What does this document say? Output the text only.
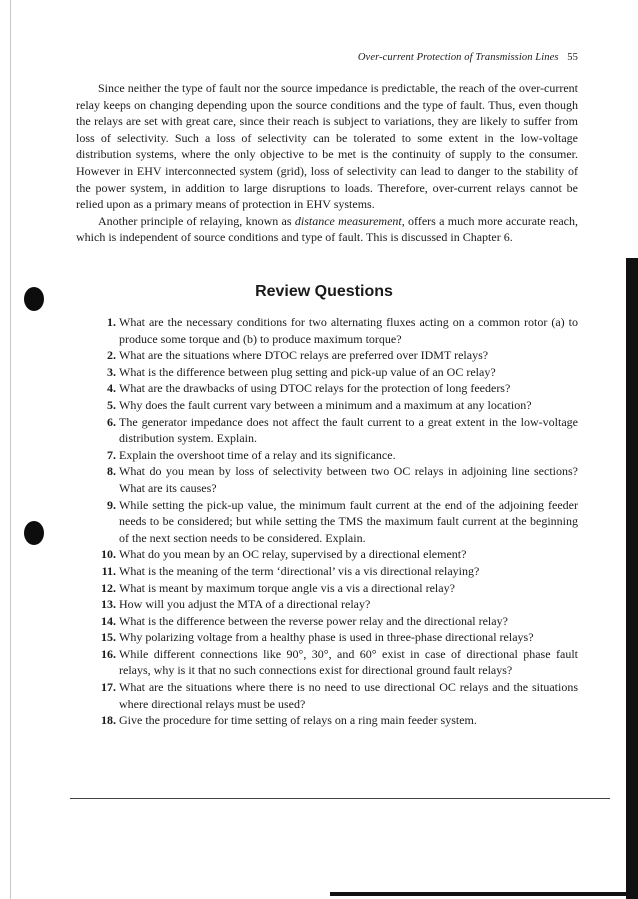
Over-current Protection of Transmission Lines 55

Since neither the type of fault nor the source impedance is predictable, the reach of the over-current relay keeps on changing depending upon the source conditions and the type of fault. Thus, even though the relays are set with great care, since their reach is subject to variations, they are likely to suffer from loss of selectivity. Such a loss of selectivity can be tolerated to some extent in the low-voltage distribution systems, where the only objective to be met is the continuity of supply to the consumer. However in EHV interconnected system (grid), loss of selectivity can lead to danger to the stability of the power system, in addition to large disruptions to loads. Therefore, over-current relays cannot be relied upon as a primary means of protection in EHV systems.

Another principle of relaying, known as distance measurement, offers a much more accurate reach, which is independent of source conditions and type of fault. This is discussed in Chapter 6.

Review Questions
1. What are the necessary conditions for two alternating fluxes acting on a common rotor (a) to produce some torque and (b) to produce maximum torque?
2. What are the situations where DTOC relays are preferred over IDMT relays?
3. What is the difference between plug setting and pick-up value of an OC relay?
4. What are the drawbacks of using DTOC relays for the protection of long feeders?
5. Why does the fault current vary between a minimum and a maximum at any location?
6. The generator impedance does not affect the fault current to a great extent in the low-voltage distribution system. Explain.
7. Explain the overshoot time of a relay and its significance.
8. What do you mean by loss of selectivity between two OC relays in adjoining line sections? What are its causes?
9. While setting the pick-up value, the minimum fault current at the end of the adjoining feeder needs to be considered; but while setting the TMS the maximum fault current at the beginning of the next section needs to be considered. Explain.
10. What do you mean by an OC relay, supervised by a directional element?
11. What is the meaning of the term ‘directional’ vis a vis directional relaying?
12. What is meant by maximum torque angle vis a vis a directional relay?
13. How will you adjust the MTA of a directional relay?
14. What is the difference between the reverse power relay and the directional relay?
15. Why polarizing voltage from a healthy phase is used in three-phase directional relays?
16. While different connections like 90°, 30°, and 60° exist in case of directional phase fault relays, why is it that no such connections exist for directional ground fault relays?
17. What are the situations where there is no need to use directional OC relays and the situations where directional relays must be used?
18. Give the procedure for time setting of relays on a ring main feeder system.
